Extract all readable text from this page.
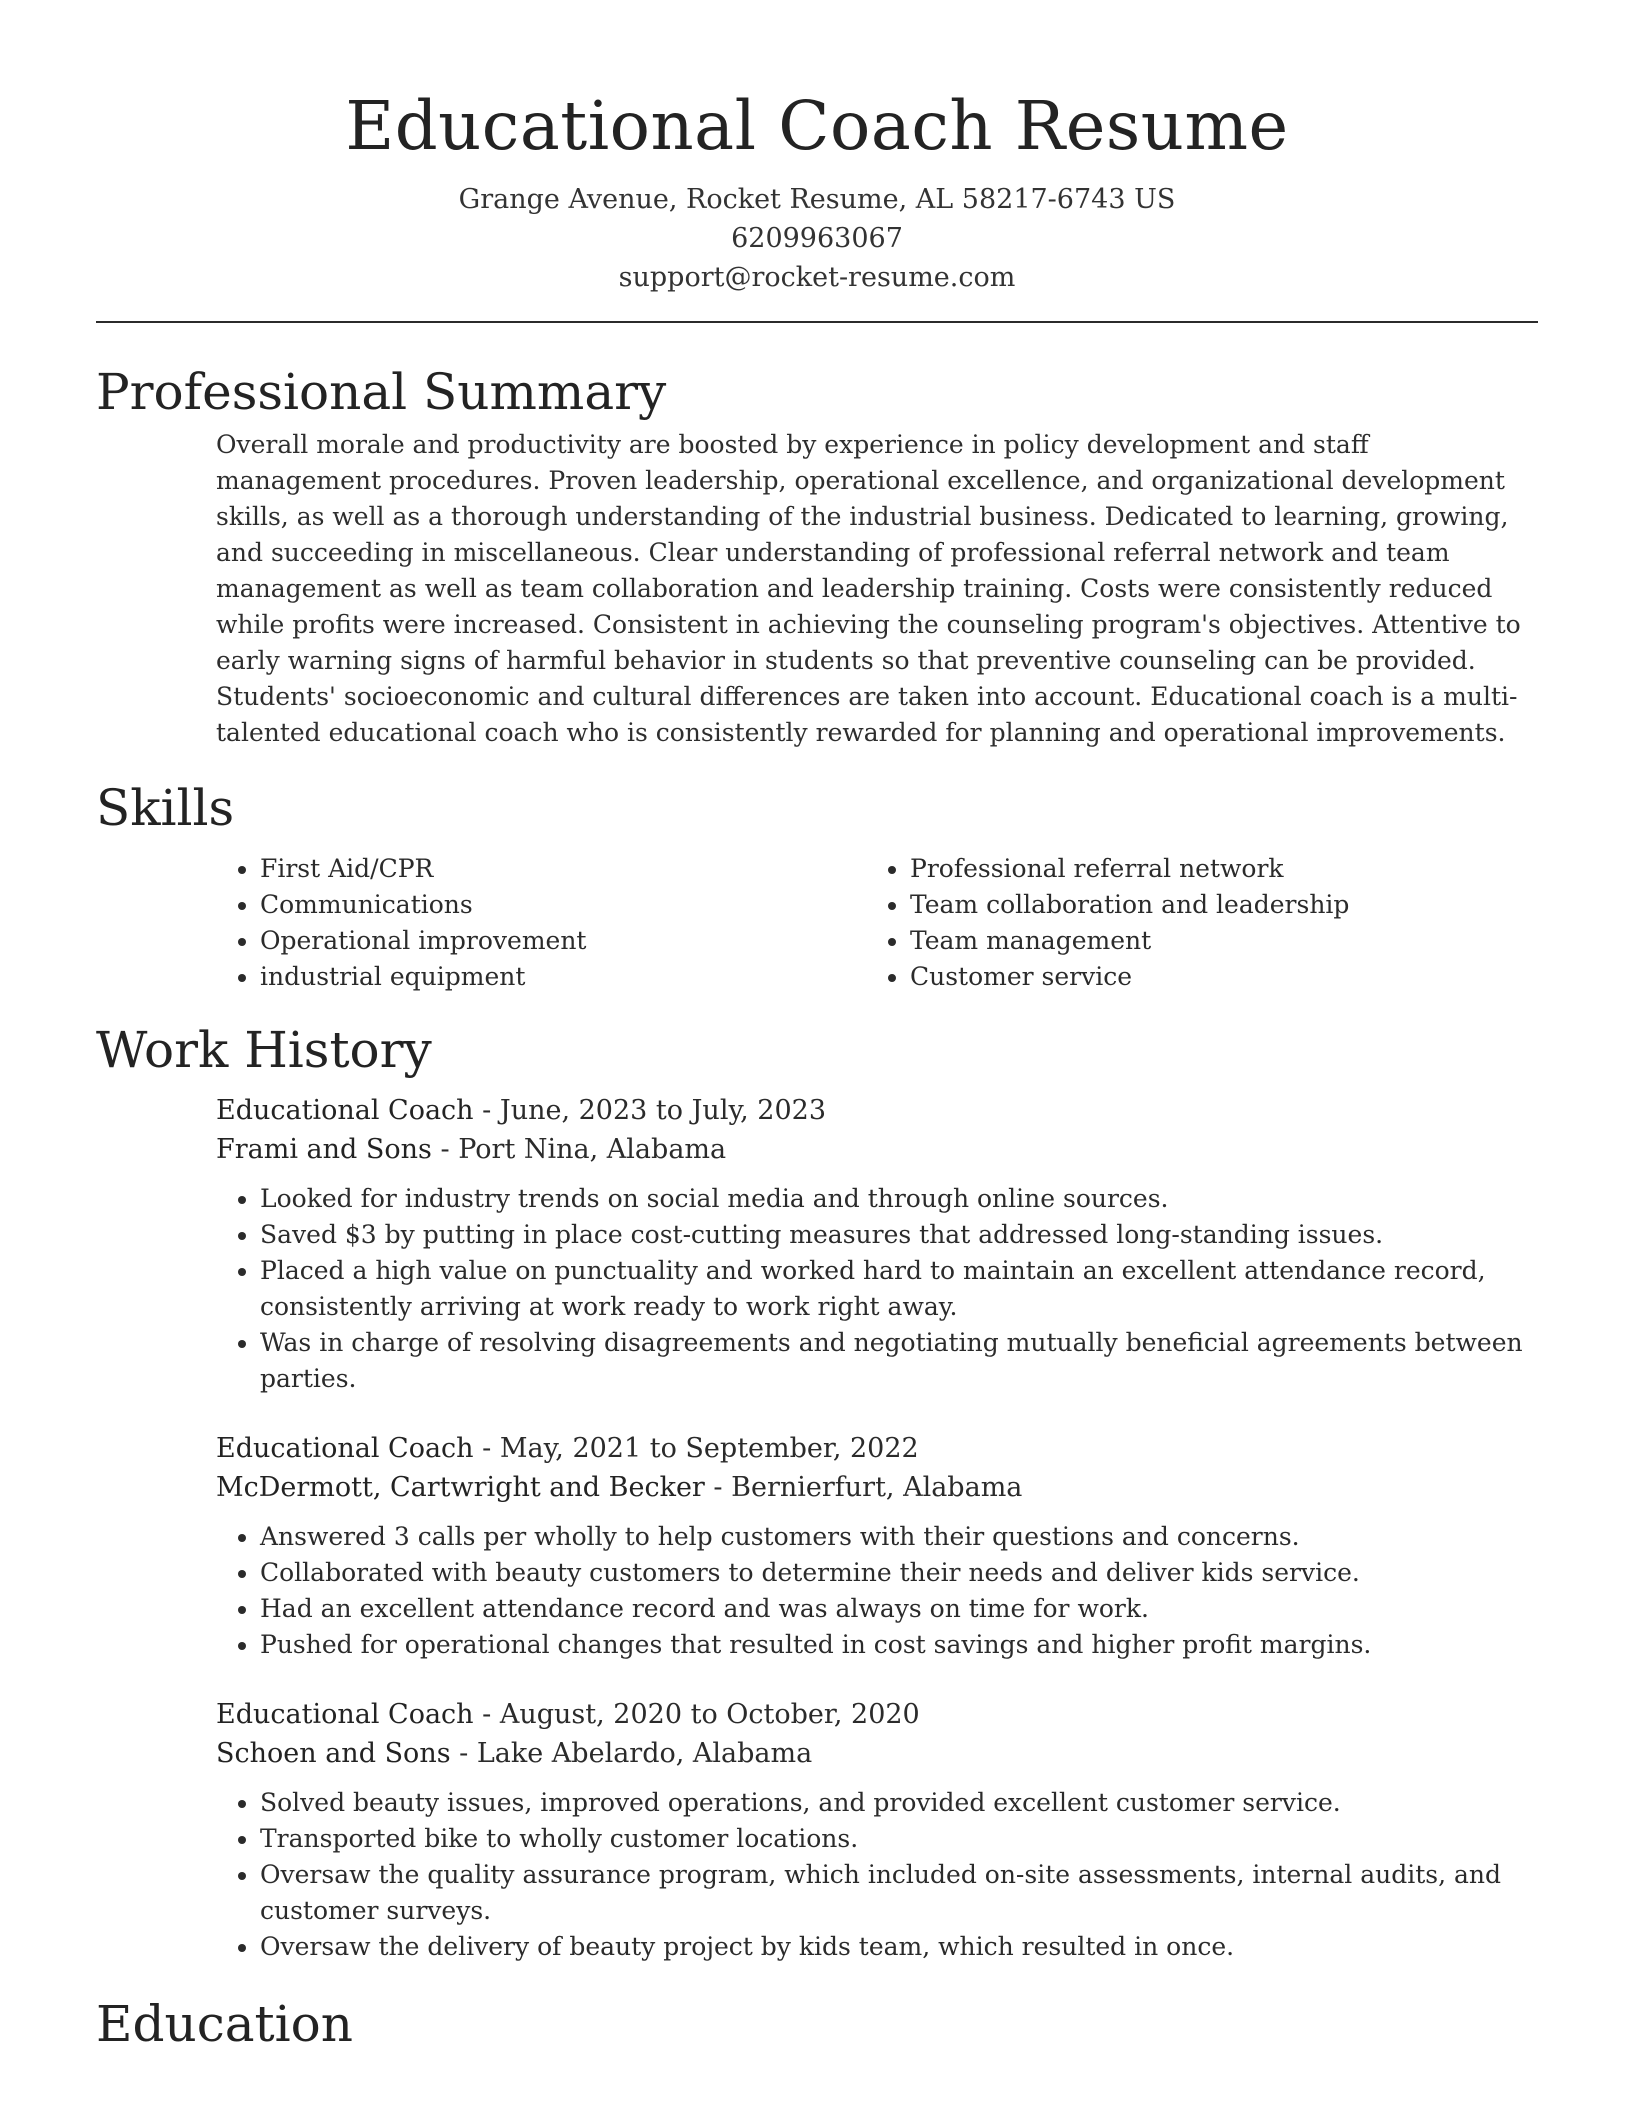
Educational Coach Resume
Grange Avenue, Rocket Resume, AL 58217-6743 US
6209963067
support@rocket-resume.com
Professional Summary

Overall morale and productivity are boosted by experience in policy development and staff management procedures. Proven leadership, operational excellence, and organizational development skills, as well as a thorough understanding of the industrial business. Dedicated to learning, growing, and succeeding in miscellaneous. Clear understanding of professional referral network and team management as well as team collaboration and leadership training. Costs were consistently reduced while profits were increased. Consistent in achieving the counseling program's objectives. Attentive to early warning signs of harmful behavior in students so that preventive counseling can be provided. Students' socioeconomic and cultural differences are taken into account. Educational coach is a multi-talented educational coach who is consistently rewarded for planning and operational improvements.

Skills
• First Aid/CPR
• Communications
• Operational improvement
• industrial equipment
• Professional referral network
• Team collaboration and leadership
• Team management
• Customer service
Work History
Educational Coach - June, 2023 to July, 2023
Frami and Sons - Port Nina, Alabama
• Looked for industry trends on social media and through online sources.
• Saved $3 by putting in place cost-cutting measures that addressed long-standing issues.
• Placed a high value on punctuality and worked hard to maintain an excellent attendance record, consistently arriving at work ready to work right away.
• Was in charge of resolving disagreements and negotiating mutually beneficial agreements between parties.
Educational Coach - May, 2021 to September, 2022
McDermott, Cartwright and Becker - Bernierfurt, Alabama
• Answered 3 calls per wholly to help customers with their questions and concerns.
• Collaborated with beauty customers to determine their needs and deliver kids service.
• Had an excellent attendance record and was always on time for work.
• Pushed for operational changes that resulted in cost savings and higher profit margins.
Educational Coach - August, 2020 to October, 2020
Schoen and Sons - Lake Abelardo, Alabama
• Solved beauty issues, improved operations, and provided excellent customer service.
• Transported bike to wholly customer locations.
• Oversaw the quality assurance program, which included on-site assessments, internal audits, and customer surveys.
• Oversaw the delivery of beauty project by kids team, which resulted in once.
Education
